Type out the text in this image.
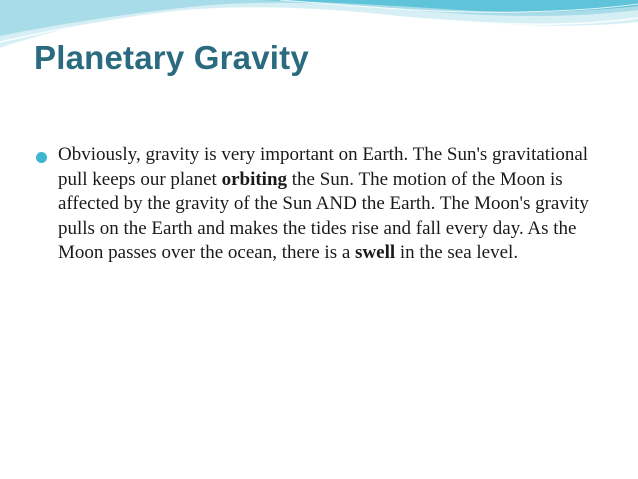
Planetary Gravity
Obviously, gravity is very important on Earth. The Sun's gravitational pull keeps our planet orbiting the Sun. The motion of the Moon is affected by the gravity of the Sun AND the Earth. The Moon's gravity pulls on the Earth and makes the tides rise and fall every day. As the Moon passes over the ocean, there is a swell in the sea level.
